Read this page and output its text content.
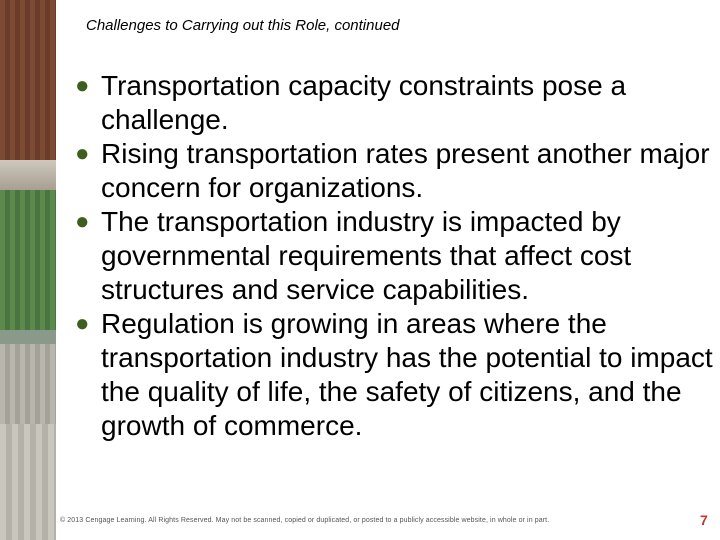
Challenges to Carrying out this Role, continued
● Transportation capacity constraints pose a challenge.
● Rising transportation rates present another major concern for organizations.
● The transportation industry is impacted by governmental requirements that affect cost structures and service capabilities.
● Regulation is growing in areas where the transportation industry has the potential to impact the quality of life, the safety of citizens, and the growth of commerce.
© 2013 Cengage Learning. All Rights Reserved. May not be scanned, copied or duplicated, or posted to a publicly accessible website, in whole or in part.	7
